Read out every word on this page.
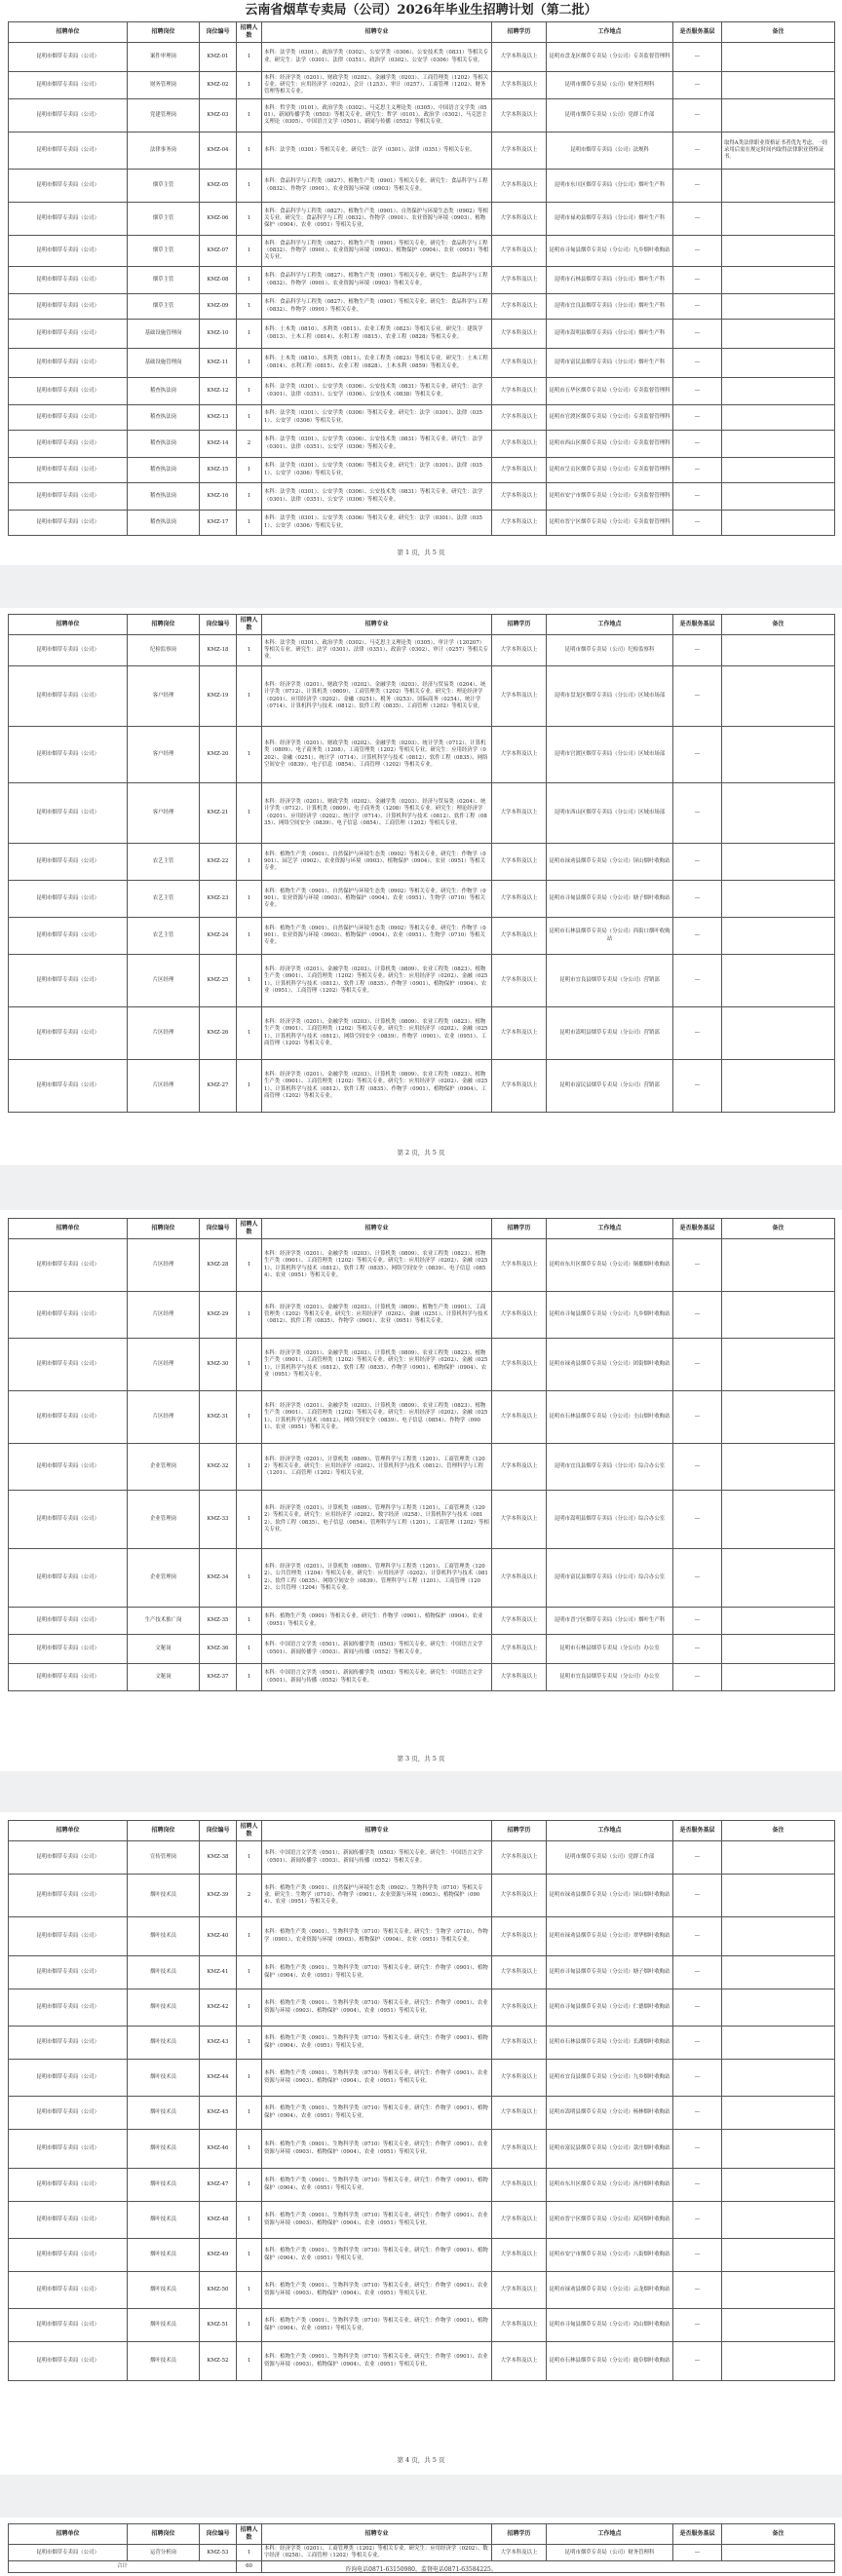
云南省烟草专卖局（公司）2026年毕业生招聘计划（第二批）
招聘单位	招聘岗位	岗位编号	招聘人数	招聘专业	招聘学历	工作地点	是否服务基层	备注
昆明市烟草专卖局（公司）	案件审理岗	KMZ-01	1	本科：法学类（0301）、政治学类（0302）、公安学类（0306）、公安技术类（0831）等相关专业。研究生：法学（0301）、法律（0351）、政治学（0302）、公安学（0306）等相关专业。	大学本科及以上	昆明市盘龙区烟草专卖局（分公司）专卖监督管理科	—	
昆明市烟草专卖局（公司）	财务管理岗	KMZ-02	1	本科：经济学类（0201）、财政学类（0202）、金融学类（0203）、工商管理类（1202）等相关专业。研究生：应用经济学（0202）、会计（1253）、审计（0257）、工商管理（1202）、财务管理等相关专业。	大学本科及以上	昆明市烟草专卖局（公司）财务管理科	—	
昆明市烟草专卖局（公司）	党建管理岗	KMZ-03	1	本科：哲学类（0101）、政治学类（0302）、马克思主义理论类（0305）、中国语言文学类（0501）、新闻传播学类（0503）等相关专业。研究生：哲学（0101）、政治学（0302）、马克思主义理论（0305）、中国语言文学（0501）、新闻与传播（0552）等相关专业。	大学本科及以上	昆明市烟草专卖局（公司）党群工作部	—	
昆明市烟草专卖局（公司）	法律事务岗	KMZ-04	1	本科：法学类（0301）等相关专业。研究生：法学（0301）、法律（0351）等相关专业。	大学本科及以上	昆明市烟草专卖局（公司）法规科	—	取得A类法律职业资格证书者优先考虑，一经录用后需在规定时间内取得法律职业资格证书。
昆明市烟草专卖局（公司）	烟草主管	KMZ-05	1	本科：食品科学与工程类（0827）、植物生产类（0901）等相关专业。研究生：食品科学与工程（0832）、作物学（0901）、农业资源与环境（0903）等相关专业。	大学本科及以上	昆明市东川区烟草专卖局（分公司）烟叶生产科	—	
昆明市烟草专卖局（公司）	烟草主管	KMZ-06	1	本科：食品科学与工程类（0827）、植物生产类（0901）、自然保护与环境生态类（0902）等相关专业。研究生：食品科学与工程（0832）、作物学（0901）、农业资源与环境（0903）、植物保护（0904）、农业（0951）等相关专业。	大学本科及以上	昆明市禄劝县烟草专卖局（分公司）烟叶生产科	—	
昆明市烟草专卖局（公司）	烟草主管	KMZ-07	1	本科：食品科学与工程类（0827）、植物生产类（0901）等相关专业。研究生：食品科学与工程（0832）、作物学（0901）、农业资源与环境（0903）、植物保护（0904）、农业（0951）等相关专业。	大学本科及以上	昆明市寻甸县烟草专卖局（分公司）九乡烟叶收购站	—	
昆明市烟草专卖局（公司）	烟草主管	KMZ-08	1	本科：食品科学与工程类（0827）、植物生产类（0901）等相关专业。研究生：食品科学与工程（0832）、作物学（0901）、农业资源与环境（0903）等相关专业。	大学本科及以上	昆明市石林县烟草专卖局（分公司）烟叶生产科	—	
昆明市烟草专卖局（公司）	烟草主管	KMZ-09	1	本科：食品科学与工程类（0827）、植物生产类（0901）等相关专业。研究生：食品科学与工程（0832）、作物学（0901）等相关专业。	大学本科及以上	昆明市宜良县烟草专卖局（分公司）烟叶生产科	—	
昆明市烟草专卖局（公司）	基础设施管理岗	KMZ-10	1	本科：土木类（0810）、水利类（0811）、农业工程类（0823）等相关专业。研究生：建筑学（0813）、土木工程（0814）、水利工程（0815）、农业工程（0828）等相关专业。	大学本科及以上	昆明市嵩明县烟草专卖局（分公司）烟叶生产科	—	
昆明市烟草专卖局（公司）	基础设施管理岗	KMZ-11	1	本科：土木类（0810）、水利类（0811）、农业工程类（0823）等相关专业。研究生：土木工程（0814）、水利工程（0815）、农业工程（0828）、土木水利（0859）等相关专业。	大学本科及以上	昆明市富民县烟草专卖局（分公司）烟叶生产科	—	
昆明市烟草专卖局（公司）	稽查执法岗	KMZ-12	1	本科：法学类（0301）、公安学类（0306）、公安技术类（0831）等相关专业。研究生：法学（0301）、法律（0351）、公安学（0306）、公安技术（0838）等相关专业。	大学本科及以上	昆明市五华区烟草专卖局（分公司）专卖监督管理科	—	
昆明市烟草专卖局（公司）	稽查执法岗	KMZ-13	1	本科：法学类（0301）、公安学类（0306）等相关专业。研究生：法学（0301）、法律（0351）、公安学（0306）等相关专业。	大学本科及以上	昆明市官渡区烟草专卖局（分公司）专卖监督管理科	—	
昆明市烟草专卖局（公司）	稽查执法岗	KMZ-14	2	本科：法学类（0301）、公安学类（0306）、公安技术类（0831）等相关专业。研究生：法学（0301）、法律（0351）、公安学（0306）等相关专业。	大学本科及以上	昆明市西山区烟草专卖局（分公司）专卖监督管理科	—	
昆明市烟草专卖局（公司）	稽查执法岗	KMZ-15	1	本科：法学类（0301）、公安学类（0306）等相关专业。研究生：法学（0301）、法律（0351）、公安学（0306）等相关专业。	大学本科及以上	昆明市呈贡区烟草专卖局（分公司）专卖监督管理科	—	
昆明市烟草专卖局（公司）	稽查执法岗	KMZ-16	1	本科：法学类（0301）、公安学类（0306）、公安技术类（0831）等相关专业。研究生：法学（0301）、法律（0351）、公安学（0306）等相关专业。	大学本科及以上	昆明市安宁市烟草专卖局（分公司）专卖监督管理科	—	
昆明市烟草专卖局（公司）	稽查执法岗	KMZ-17	1	本科：法学类（0301）、公安学类（0306）等相关专业。研究生：法学（0301）、法律（0351）、公安学（0306）等相关专业。	大学本科及以上	昆明市晋宁区烟草专卖局（分公司）专卖监督管理科	—	
第 1 页，共 5 页
招聘单位	招聘岗位	岗位编号	招聘人数	招聘专业	招聘学历	工作地点	是否服务基层	备注
昆明市烟草专卖局（公司）	纪检监察岗	KMZ-18	1	本科：法学类（0301）、政治学类（0302）、马克思主义理论类（0305）、审计学（120207）等相关专业。研究生：法学（0301）、法律（0351）、政治学（0302）、审计（0257）等相关专业。	大学本科及以上	昆明市烟草专卖局（公司）纪检监察科	—	
昆明市烟草专卖局（公司）	客户经理	KMZ-19	1	本科：经济学类（0201）、财政学类（0202）、金融学类（0203）、经济与贸易类（0204）、统计学类（0712）、计算机类（0809）、工商管理类（1202）等相关专业。研究生：理论经济学（0201）、应用经济学（0202）、金融（0251）、税务（0253）、国际商务（0254）、统计学（0714）、计算机科学与技术（0812）、软件工程（0835）、工商管理（1202）等相关专业。	大学本科及以上	昆明市盘龙区烟草专卖局（分公司）区域市场部	—	
昆明市烟草专卖局（公司）	客户经理	KMZ-20	1	本科：经济学类（0201）、财政学类（0202）、金融学类（0203）、统计学类（0712）、计算机类（0809）、电子商务类（1208）、工商管理类（1202）等相关专业。研究生：应用经济学（0202）、金融（0251）、统计学（0714）、计算机科学与技术（0812）、软件工程（0835）、网络空间安全（0839）、电子信息（0854）、工商管理（1202）等相关专业。	大学本科及以上	昆明市官渡区烟草专卖局（分公司）区域市场部	—	
昆明市烟草专卖局（公司）	客户经理	KMZ-21	1	本科：经济学类（0201）、财政学类（0202）、金融学类（0203）、经济与贸易类（0204）、统计学类（0712）、计算机类（0809）、电子商务类（1208）等相关专业。研究生：理论经济学（0201）、应用经济学（0202）、统计学（0714）、计算机科学与技术（0812）、软件工程（0835）、网络空间安全（0839）、电子信息（0854）、工商管理（1202）等相关专业。	大学本科及以上	昆明市西山区烟草专卖局（分公司）区域市场部	—	
昆明市烟草专卖局（公司）	农艺主管	KMZ-22	1	本科：植物生产类（0901）、自然保护与环境生态类（0902）等相关专业。研究生：作物学（0901）、园艺学（0902）、农业资源与环境（0903）、植物保护（0904）、农业（0951）等相关专业。	大学本科及以上	昆明市禄劝县烟草专卖局（分公司）屏山烟叶收购站	—	
昆明市烟草专卖局（公司）	农艺主管	KMZ-23	1	本科：植物生产类（0901）、自然保护与环境生态类（0902）等相关专业。研究生：作物学（0901）、农业资源与环境（0903）、植物保护（0904）、农业（0951）、生物学（0710）等相关专业。	大学本科及以上	昆明市寻甸县烟草专卖局（分公司）塘子烟叶收购站	—	
昆明市烟草专卖局（公司）	农艺主管	KMZ-24	1	本科：植物生产类（0901）、自然保护与环境生态类（0902）等相关专业。研究生：作物学（0901）、农业资源与环境（0903）、植物保护（0904）、农业（0951）、生物学（0710）等相关专业。	大学本科及以上	昆明市石林县烟草专卖局（分公司）西街口烟叶收购站	—	
昆明市烟草专卖局（公司）	片区经理	KMZ-25	1	本科：经济学类（0201）、金融学类（0203）、计算机类（0809）、农业工程类（0823）、植物生产类（0901）、工商管理类（1202）等相关专业。研究生：应用经济学（0202）、金融（0251）、计算机科学与技术（0812）、软件工程（0835）、作物学（0901）、植物保护（0904）、农业（0951）、工商管理（1202）等相关专业。	大学本科及以上	昆明市宜良县烟草专卖局（分公司）营销部	—	
昆明市烟草专卖局（公司）	片区经理	KMZ-26	1	本科：经济学类（0201）、金融学类（0203）、计算机类（0809）、农业工程类（0823）、植物生产类（0901）、工商管理类（1202）等相关专业。研究生：应用经济学（0202）、金融（0251）、计算机科学与技术（0812）、网络空间安全（0839）、作物学（0901）、农业（0951）、工商管理（1202）等相关专业。	大学本科及以上	昆明市嵩明县烟草专卖局（分公司）营销部	—	
昆明市烟草专卖局（公司）	片区经理	KMZ-27	1	本科：经济学类（0201）、金融学类（0203）、计算机类（0809）、农业工程类（0823）、植物生产类（0901）、工商管理类（1202）等相关专业。研究生：应用经济学（0202）、金融（0251）、计算机科学与技术（0812）、软件工程（0835）、作物学（0901）、植物保护（0904）、工商管理（1202）等相关专业。	大学本科及以上	昆明市富民县烟草专卖局（分公司）营销部	—	
第 2 页，共 5 页
招聘单位	招聘岗位	岗位编号	招聘人数	招聘专业	招聘学历	工作地点	是否服务基层	备注
昆明市烟草专卖局（公司）	片区经理	KMZ-28	1	本科：经济学类（0201）、金融学类（0203）、计算机类（0809）、农业工程类（0823）、植物生产类（0901）、工商管理类（1202）等相关专业。研究生：应用经济学（0202）、金融（0251）、计算机科学与技术（0812）、软件工程（0835）、网络空间安全（0839）、电子信息（0854）、农业（0951）等相关专业。	大学本科及以上	昆明市东川区烟草专卖局（分公司）铜都烟叶收购站	—	
昆明市烟草专卖局（公司）	片区经理	KMZ-29	1	本科：经济学类（0201）、金融学类（0203）、计算机类（0809）、植物生产类（0901）、工商管理类（1202）等相关专业。研究生：应用经济学（0202）、金融（0251）、计算机科学与技术（0812）、软件工程（0835）、作物学（0901）、农业（0951）等相关专业。	大学本科及以上	昆明市寻甸县烟草专卖局（分公司）九乡烟叶收购站	—	
昆明市烟草专卖局（公司）	片区经理	KMZ-30	1	本科：经济学类（0201）、金融学类（0203）、计算机类（0809）、农业工程类（0823）、植物生产类（0901）、工商管理类（1202）等相关专业。研究生：应用经济学（0202）、金融（0251）、计算机科学与技术（0812）、软件工程（0835）、作物学（0901）、植物保护（0904）、农业（0951）等相关专业。	大学本科及以上	昆明市禄劝县烟草专卖局（分公司）团街烟叶收购站	—	
昆明市烟草专卖局（公司）	片区经理	KMZ-31	1	本科：经济学类（0201）、金融学类（0203）、计算机类（0809）、农业工程类（0823）、植物生产类（0901）、工商管理类（1202）等相关专业。研究生：应用经济学（0202）、金融（0251）、计算机科学与技术（0812）、网络空间安全（0839）、电子信息（0854）、作物学（0901）、农业（0951）等相关专业。	大学本科及以上	昆明市石林县烟草专卖局（分公司）圭山烟叶收购站	—	
昆明市烟草专卖局（公司）	企业管理岗	KMZ-32	1	本科：经济学类（0201）、计算机类（0809）、管理科学与工程类（1201）、工商管理类（1202）等相关专业。研究生：应用经济学（0202）、计算机科学与技术（0812）、管理科学与工程（1201）、工商管理（1202）等相关专业。	大学本科及以上	昆明市宜良县烟草专卖局（分公司）综合办公室	—	
昆明市烟草专卖局（公司）	企业管理岗	KMZ-33	1	本科：经济学类（0201）、计算机类（0809）、管理科学与工程类（1201）、工商管理类（1202）等相关专业。研究生：应用经济学（0202）、数字经济（0258）、计算机科学与技术（0812）、软件工程（0835）、电子信息（0854）、管理科学与工程（1201）、工商管理（1202）等相关专业。	大学本科及以上	昆明市嵩明县烟草专卖局（分公司）综合办公室	—	
昆明市烟草专卖局（公司）	企业管理岗	KMZ-34	1	本科：经济学类（0201）、计算机类（0809）、管理科学与工程类（1201）、工商管理类（1202）、公共管理类（1204）等相关专业。研究生：应用经济学（0202）、计算机科学与技术（0812）、软件工程（0835）、网络空间安全（0839）、管理科学与工程（1201）、工商管理（1202）、公共管理（1204）等相关专业。	大学本科及以上	昆明市富民县烟草专卖局（分公司）综合办公室	—	
昆明市烟草专卖局（公司）	生产技术推广岗	KMZ-35	1	本科：植物生产类（0901）等相关专业。研究生：作物学（0901）、植物保护（0904）、农业（0951）等相关专业。	大学本科及以上	昆明市晋宁区烟草专卖局（分公司）烟叶生产科	—	
昆明市烟草专卖局（公司）	文秘岗	KMZ-36	1	本科：中国语言文学类（0501）、新闻传播学类（0503）等相关专业。研究生：中国语言文学（0501）、新闻传播学（0503）、新闻与传播（0552）等相关专业。	大学本科及以上	昆明市石林县烟草专卖局（分公司）办公室	—	
昆明市烟草专卖局（公司）	文秘岗	KMZ-37	1	本科：中国语言文学类（0501）、新闻传播学类（0503）等相关专业。研究生：中国语言文学（0501）、新闻与传播（0552）等相关专业。	大学本科及以上	昆明市宜良县烟草专卖局（分公司）办公室	—	
第 3 页，共 5 页
招聘单位	招聘岗位	岗位编号	招聘人数	招聘专业	招聘学历	工作地点	是否服务基层	备注
昆明市烟草专卖局（公司）	宣传管理岗	KMZ-38	1	本科：中国语言文学类（0501）、新闻传播学类（0503）等相关专业。研究生：中国语言文学（0501）、新闻传播学（0503）、新闻与传播（0552）等相关专业。	大学本科及以上	昆明市烟草专卖局（公司）党群工作部	—	
昆明市烟草专卖局（公司）	烟叶技术员	KMZ-39	2	本科：植物生产类（0901）、自然保护与环境生态类（0902）、生物科学类（0710）等相关专业。研究生：生物学（0710）、作物学（0901）、农业资源与环境（0903）、植物保护（0904）、农业（0951）等相关专业。	大学本科及以上	昆明市禄劝县烟草专卖局（分公司）屏山烟叶收购站	—	
昆明市烟草专卖局（公司）	烟叶技术员	KMZ-40	1	本科：植物生产类（0901）、生物科学类（0710）等相关专业。研究生：生物学（0710）、作物学（0901）、农业资源与环境（0903）、植物保护（0904）、农业（0951）等相关专业。	大学本科及以上	昆明市禄劝县烟草专卖局（分公司）翠华烟叶收购站	—	
昆明市烟草专卖局（公司）	烟叶技术员	KMZ-41	1	本科：植物生产类（0901）、生物科学类（0710）等相关专业。研究生：作物学（0901）、植物保护（0904）、农业（0951）等相关专业。	大学本科及以上	昆明市寻甸县烟草专卖局（分公司）塘子烟叶收购站	—	
昆明市烟草专卖局（公司）	烟叶技术员	KMZ-42	1	本科：植物生产类（0901）、生物科学类（0710）等相关专业。研究生：作物学（0901）、农业资源与环境（0903）、植物保护（0904）、农业（0951）等相关专业。	大学本科及以上	昆明市寻甸县烟草专卖局（分公司）仁德烟叶收购站	—	
昆明市烟草专卖局（公司）	烟叶技术员	KMZ-43	1	本科：植物生产类（0901）、生物科学类（0710）等相关专业。研究生：作物学（0901）、植物保护（0904）、农业（0951）等相关专业。	大学本科及以上	昆明市石林县烟草专卖局（分公司）长湖烟叶收购站	—	
昆明市烟草专卖局（公司）	烟叶技术员	KMZ-44	1	本科：植物生产类（0901）、生物科学类（0710）等相关专业。研究生：作物学（0901）、农业资源与环境（0903）、植物保护（0904）、农业（0951）等相关专业。	大学本科及以上	昆明市宜良县烟草专卖局（分公司）九乡烟叶收购站	—	
昆明市烟草专卖局（公司）	烟叶技术员	KMZ-45	1	本科：植物生产类（0901）、生物科学类（0710）等相关专业。研究生：作物学（0901）、植物保护（0904）、农业（0951）等相关专业。	大学本科及以上	昆明市嵩明县烟草专卖局（分公司）杨林烟叶收购站	—	
昆明市烟草专卖局（公司）	烟叶技术员	KMZ-46	1	本科：植物生产类（0901）、生物科学类（0710）等相关专业。研究生：作物学（0901）、农业资源与环境（0903）、植物保护（0904）、农业（0951）等相关专业。	大学本科及以上	昆明市富民县烟草专卖局（分公司）款庄烟叶收购站	—	
昆明市烟草专卖局（公司）	烟叶技术员	KMZ-47	1	本科：植物生产类（0901）、生物科学类（0710）等相关专业。研究生：作物学（0901）、植物保护（0904）、农业（0951）等相关专业。	大学本科及以上	昆明市东川区烟草专卖局（分公司）汤丹烟叶收购站	—	
昆明市烟草专卖局（公司）	烟叶技术员	KMZ-48	1	本科：植物生产类（0901）、生物科学类（0710）等相关专业。研究生：作物学（0901）、农业资源与环境（0903）、植物保护（0904）、农业（0951）等相关专业。	大学本科及以上	昆明市晋宁区烟草专卖局（分公司）双河烟叶收购站	—	
昆明市烟草专卖局（公司）	烟叶技术员	KMZ-49	1	本科：植物生产类（0901）、生物科学类（0710）等相关专业。研究生：作物学（0901）、植物保护（0904）、农业（0951）等相关专业。	大学本科及以上	昆明市安宁市烟草专卖局（分公司）八街烟叶收购站	—	
昆明市烟草专卖局（公司）	烟叶技术员	KMZ-50	1	本科：植物生产类（0901）、生物科学类（0710）等相关专业。研究生：作物学（0901）、农业资源与环境（0903）、植物保护（0904）、农业（0951）等相关专业。	大学本科及以上	昆明市禄劝县烟草专卖局（分公司）云龙烟叶收购站	—	
昆明市烟草专卖局（公司）	烟叶技术员	KMZ-51	1	本科：植物生产类（0901）、生物科学类（0710）等相关专业。研究生：作物学（0901）、植物保护（0904）、农业（0951）等相关专业。	大学本科及以上	昆明市寻甸县烟草专卖局（分公司）功山烟叶收购站	—	
昆明市烟草专卖局（公司）	烟叶技术员	KMZ-52	1	本科：植物生产类（0901）、生物科学类（0710）等相关专业。研究生：作物学（0901）、农业资源与环境（0903）、植物保护（0904）、农业（0951）等相关专业。	大学本科及以上	昆明市石林县烟草专卖局（分公司）鹿阜烟叶收购站	—	
第 4 页，共 5 页
招聘单位	招聘岗位	岗位编号	招聘人数	招聘专业	招聘学历	工作地点	是否服务基层	备注
昆明市烟草专卖局（公司）	运营分析岗	KMZ-53	1	本科：经济学类（0201）、工商管理类（1202）等相关专业。研究生：应用经济学（0202）、数字经济（0258）、工商管理（1202）等相关专业。	大学本科及以上	昆明市烟草专卖局（公司）财务管理科	—	
合计			60						咨询电话0871-63150980，监督电话0871-63584225。
